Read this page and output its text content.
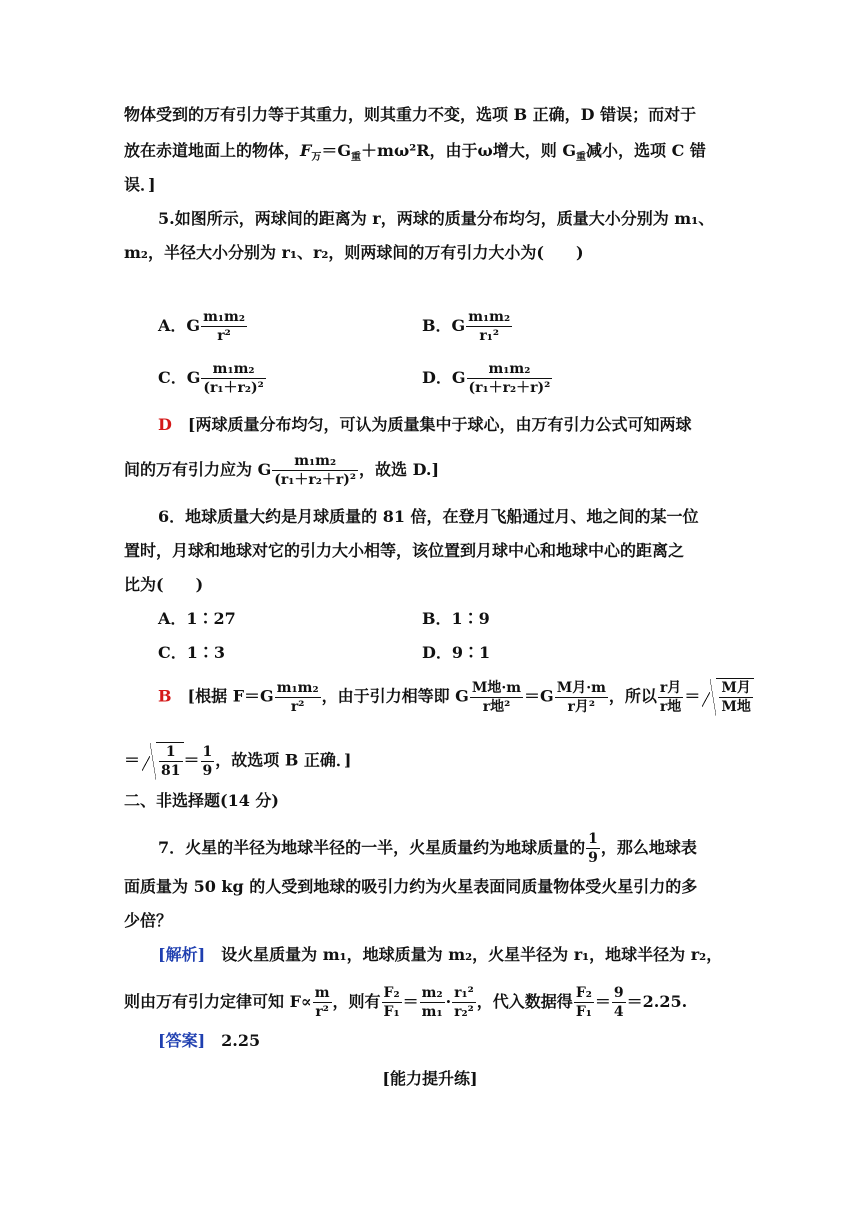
物体受到的万有引力等于其重力，则其重力不变，选项 B 正确，D 错误；而对于
放在赤道地面上的物体，$F_万=G_重+m\omega^2R$，由于ω增大，则 $G_重$减小，选项 C 错
误．]
5.如图所示，两球间的距离为 r，两球的质量分布均匀，质量大小分别为 m₁、
m₂，半径大小分别为 r₁、r₂，则两球间的万有引力大小为(　　)
A．G $\frac{\text{m₁m₂}}{\text{r²}}$	B．G $\frac{\text{m₁m₂}}{\text{r₁²}}$
C．G $\frac{\text{m₁m₂}}{\text{(r₁＋r₂)²}}$	D．G $\frac{\text{m₁m₂}}{\text{(r₁＋r₂＋r)²}}$
D　 [两球质量分布均匀，可认为质量集中于球心，由万有引力公式可知两球
间的万有引力应为 G $\frac{\text{m₁m₂}}{\text{(r₁＋r₂＋r)²}}$ ，故选 D.]
6．地球质量大约是月球质量的 81 倍，在登月飞船通过月、地之间的某一位
置时，月球和地球对它的引力大小相等，该位置到月球中心和地球中心的距离之
比为(　　)
A．1∶27	B．1∶9
C．1∶3	D．9∶1
B　 [根据 $F=G \frac{\text{m₁m₂}}{\text{r²}}$ ，由于引力相等即 G M地·m
r地²
＝G M月·m
r月²
，所以 r月
r地
＝ M月
M地
＝ $\frac{1}{81} = \frac{1}{9}$ ，故选项 B 正确．]
二、非选择题(14 分)
7．火星的半径为地球半径的一半，火星质量约为地球质量的 $\frac{1}{9}$ ，那么地球表
面质量为 50 kg 的人受到地球的吸引力约为火星表面同质量物体受火星引力的多
少倍？
[解析]　设火星质量为 m₁，地球质量为 m₂，火星半径为 r₁，地球半径为 r₂，
则由万有引力定律可知 $F\propto \frac{m}{\text{r²}}$ ，则有 $\frac{\text{F₂}}{\text{F₁}} = \frac{\text{m₂}}{\text{m₁}} \cdot \frac{\text{r₁²}}{\text{r₂²}}$ ，代入数据得 $\frac{\text{F₂}}{\text{F₁}} = \frac{9}{4} =2.25$.
[答案]　2.25
[能力提升练]
